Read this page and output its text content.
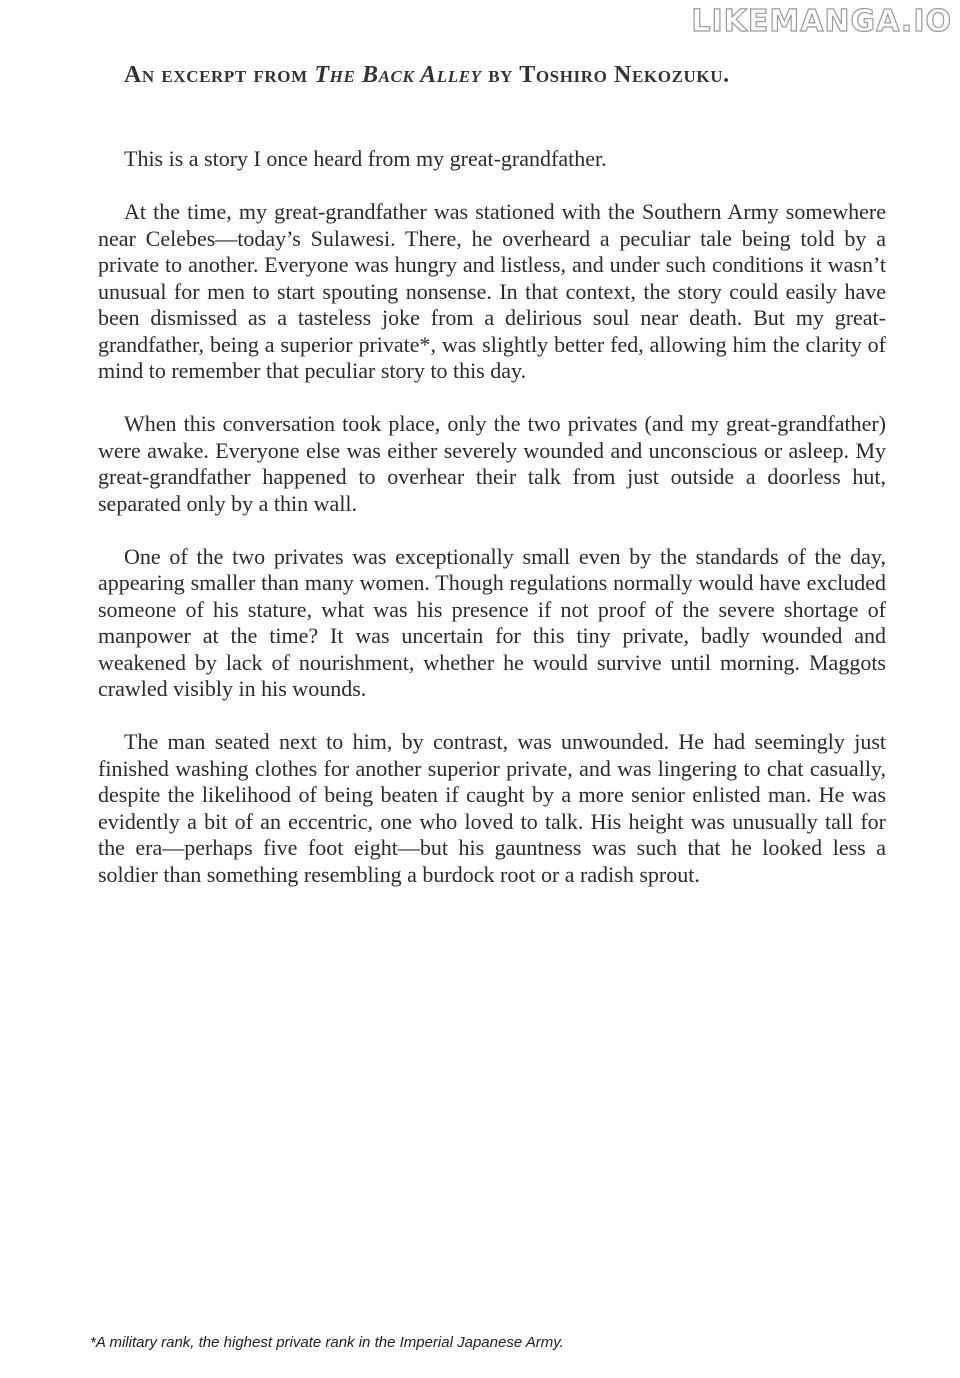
LIKEMANGA.IO
An excerpt from The Back Alley by Toshiro Nekozuku.

This is a story I once heard from my great-grandfather.

At the time, my great-grandfather was stationed with the Southern Army somewhere near Celebes—today’s Sulawesi. There, he overheard a peculiar tale being told by a private to another. Everyone was hungry and listless, and under such conditions it wasn’t unusual for men to start spouting nonsense. In that context, the story could easily have been dismissed as a tasteless joke from a delirious soul near death. But my great-grandfather, being a superior private*, was slightly better fed, allowing him the clarity of mind to remember that peculiar story to this day.

When this conversation took place, only the two privates (and my great-grandfather) were awake. Everyone else was either severely wounded and unconscious or asleep. My great-grandfather happened to overhear their talk from just outside a doorless hut, separated only by a thin wall.

One of the two privates was exceptionally small even by the standards of the day, appearing smaller than many women. Though regulations normally would have excluded someone of his stature, what was his presence if not proof of the severe shortage of manpower at the time? It was uncertain for this tiny private, badly wounded and weakened by lack of nourishment, whether he would survive until morning. Maggots crawled visibly in his wounds.

The man seated next to him, by contrast, was unwounded. He had seemingly just finished washing clothes for another superior private, and was lingering to chat casually, despite the likelihood of being beaten if caught by a more senior enlisted man. He was evidently a bit of an eccentric, one who loved to talk. His height was unusually tall for the era—perhaps five foot eight—but his gauntness was such that he looked less a soldier than something resembling a burdock root or a radish sprout.

*A military rank, the highest private rank in the Imperial Japanese Army.
